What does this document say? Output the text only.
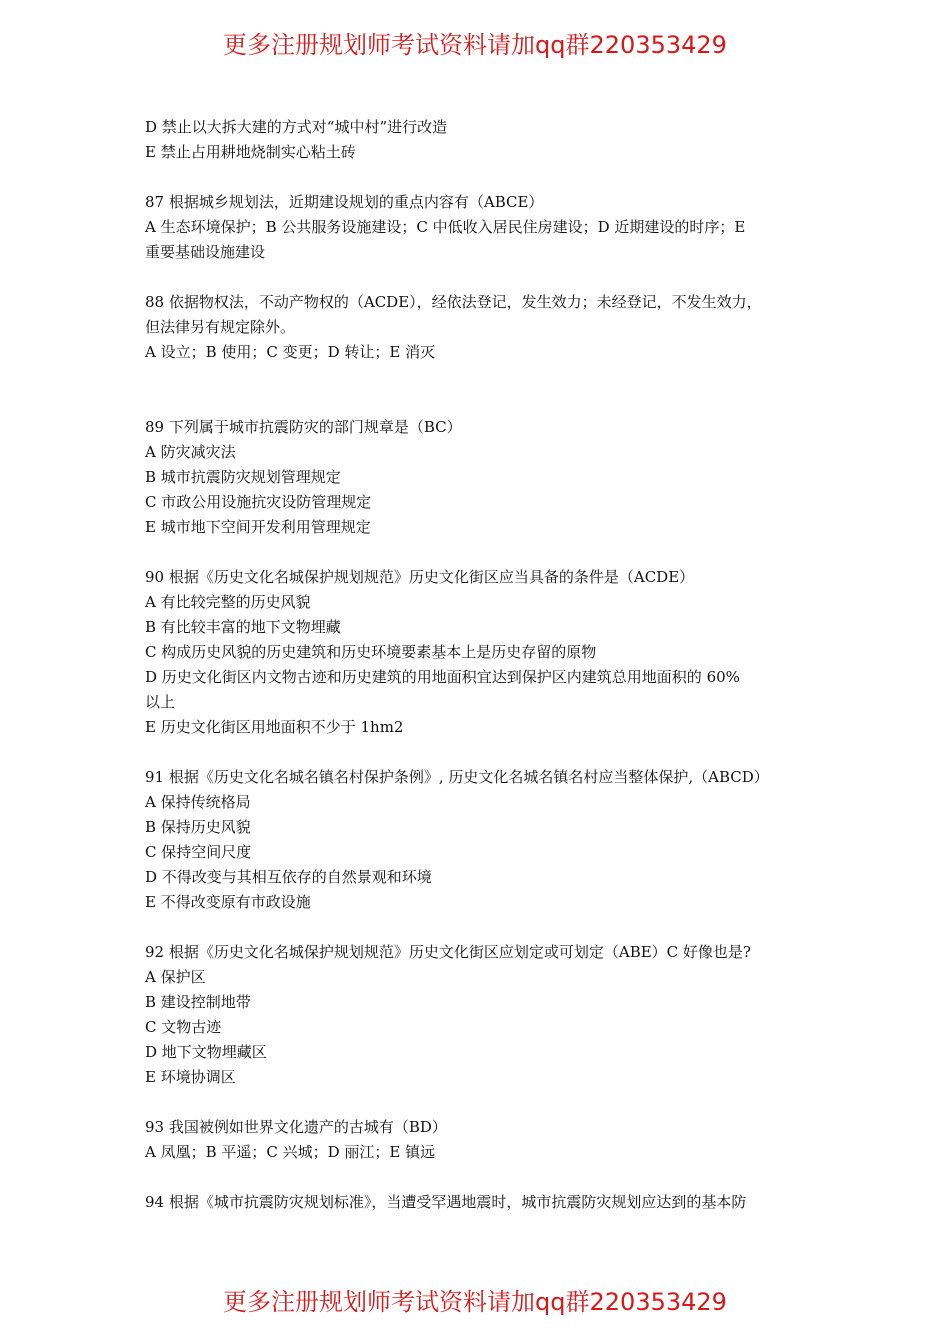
更多注册规划师考试资料请加qq群220353429
D 禁止以大拆大建的方式对“城中村”进行改造
E 禁止占用耕地烧制实心粘土砖
87 根据城乡规划法，近期建设规划的重点内容有（ABCE）
A 生态环境保护；B 公共服务设施建设；C 中低收入居民住房建设；D 近期建设的时序；E
重要基础设施建设
88 依据物权法，不动产物权的（ACDE），经依法登记，发生效力；未经登记，不发生效力，
但法律另有规定除外。
A 设立；B 使用；C 变更；D 转让；E 消灭
89 下列属于城市抗震防灾的部门规章是（BC）
A 防灾减灾法
B 城市抗震防灾规划管理规定
C 市政公用设施抗灾设防管理规定
E 城市地下空间开发利用管理规定
90 根据《历史文化名城保护规划规范》历史文化街区应当具备的条件是（ACDE）
A 有比较完整的历史风貌
B 有比较丰富的地下文物埋藏
C 构成历史风貌的历史建筑和历史环境要素基本上是历史存留的原物
D 历史文化街区内文物古迹和历史建筑的用地面积宜达到保护区内建筑总用地面积的 60%
以上
E 历史文化街区用地面积不少于 1hm2
91 根据《历史文化名城名镇名村保护条例》, 历史文化名城名镇名村应当整体保护,（ABCD）
A 保持传统格局
B 保持历史风貌
C 保持空间尺度
D 不得改变与其相互依存的自然景观和环境
E 不得改变原有市政设施
92 根据《历史文化名城保护规划规范》历史文化街区应划定或可划定（ABE）C 好像也是?
A 保护区
B 建设控制地带
C 文物古迹
D 地下文物埋藏区
E 环境协调区
93 我国被例如世界文化遗产的古城有（BD）
A 凤凰；B 平遥；C 兴城；D 丽江；E 镇远
94 根据《城市抗震防灾规划标准》，当遭受罕遇地震时，城市抗震防灾规划应达到的基本防
更多注册规划师考试资料请加qq群220353429
